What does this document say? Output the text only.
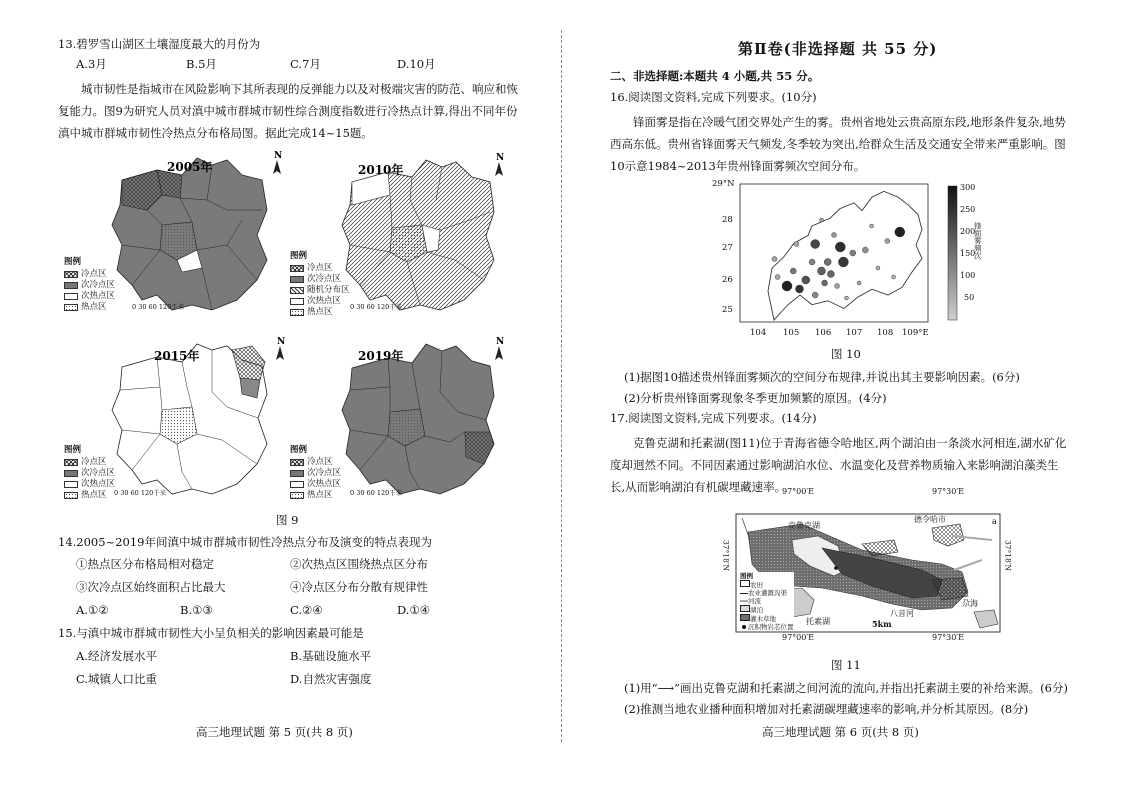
13.碧罗雪山湖区土壤湿度最大的月份为
A.3月	B.5月	C.7月	D.10月
城市韧性是指城市在风险影响下其所表现的反弹能力以及对极端灾害的防范、响应和恢复能力。图9为研究人员对滇中城市群城市韧性综合测度指数进行冷热点计算,得出不同年份滇中城市群城市韧性冷热点分布格局图。据此完成14~15题。
2005年
N
图例
冷点区
次冷点区
次热点区
热点区	0 30 60 120千米
2010年
N
图例
冷点区
次冷点区
随机分布区
次热点区
热点区	0 30 60 120千米
2015年
N
图例
冷点区
次冷点区
次热点区
热点区 0 30 60 120千米
2019年
N
图例
冷点区
次冷点区
次热点区
热点区	0 30 60 120千米
图 9
14.2005~2019年间滇中城市群城市韧性冷热点分布及演变的特点表现为
①热点区分布格局相对稳定	②次热点区围绕热点区分布
③次冷点区始终面积占比最大	④冷点区分布分散有规律性
A.①②	B.①③	C.②④	D.①④
15.与滇中城市群城市韧性大小呈负相关的影响因素最可能是
A.经济发展水平	B.基础设施水平
C.城镇人口比重	D.自然灾害强度
高三地理试题 第 5 页(共 8 页)
第Ⅱ卷(非选择题 共 55 分)
二、非选择题:本题共 4 小题,共 55 分。
16.阅读图文资料,完成下列要求。(10分)
锋面雾是指在冷暖气团交界处产生的雾。贵州省地处云贵高原东段,地形条件复杂,地势西高东低。贵州省锋面雾天气频发,冬季较为突出,给群众生活及交通安全带来严重影响。图10示意1984~2013年贵州锋面雾频次空间分布。
29°N
28
27
26
25
104 105 106 107 108 109°E
300
250
200
150
100
50
锋面雾频次
图 10
(1)据图10描述贵州锋面雾频次的空间分布规律,并说出其主要影响因素。(6分)
(2)分析贵州锋面雾现象冬季更加频繁的原因。(4分)
17.阅读图文资料,完成下列要求。(14分)
克鲁克湖和托素湖(图11)位于青海省德令哈地区,两个湖泊由一条淡水河相连,湖水矿化度却迥然不同。不同因素通过影响湖泊水位、水温变化及营养物质输入来影响湖泊藻类生长,从而影响湖泊有机碳埋藏速率。
a
97°00′E	97°30′E
97°00′E	97°30′E
37°18′N	37°18′N
克鲁克湖
德令哈市
八音河
托素湖
尕海
图例
农田
农业灌溉沟渠
河流
湖泊
灌木草地
沉积物岩芯位置	5km
图 11
(1)用“⟶”画出克鲁克湖和托素湖之间河流的流向,并指出托素湖主要的补给来源。(6分)
(2)推测当地农业播种面积增加对托素湖碳埋藏速率的影响,并分析其原因。(8分)
高三地理试题 第 6 页(共 8 页)
